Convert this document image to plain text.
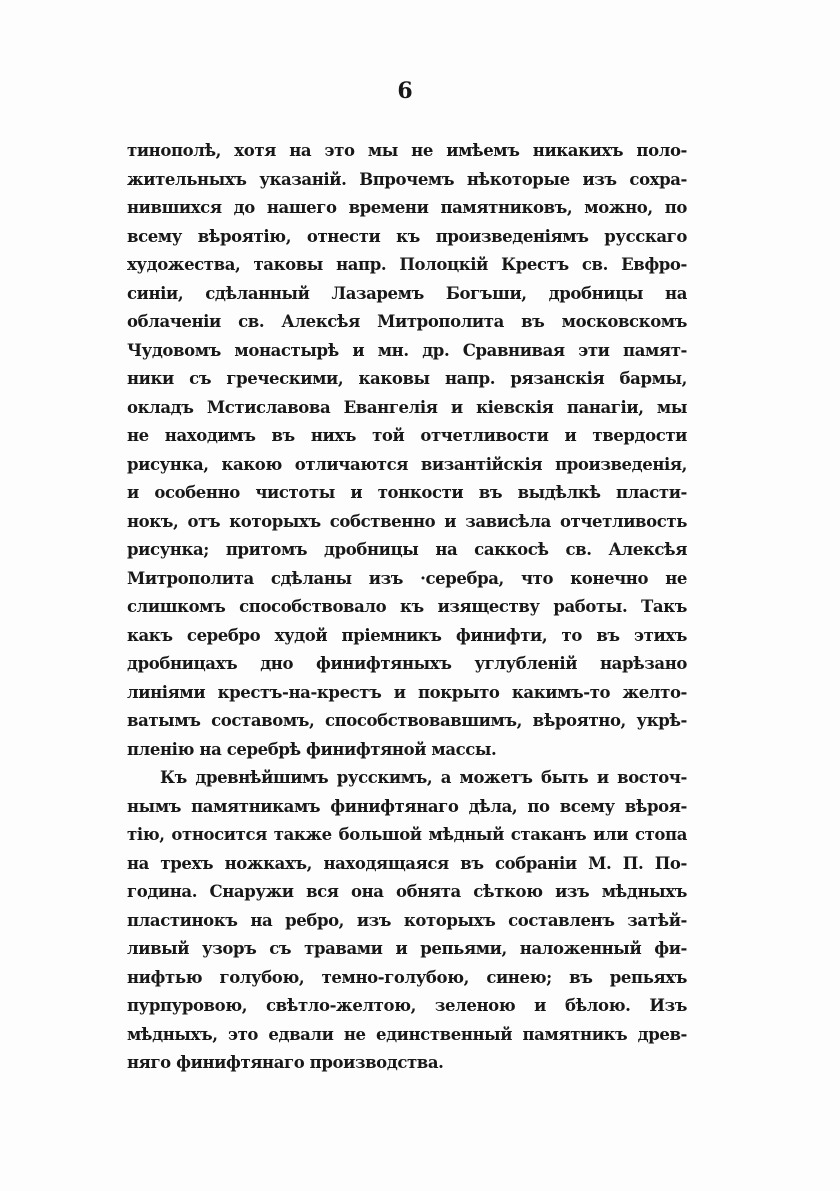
6
тинополѣ, хотя на это мы не имѣемъ никакихъ поло-
жительныхъ указаній. Впрочемъ нѣкоторые изъ сохра-
нившихся до нашего времени памятниковъ, можно, по
всему вѣроятію, отнести къ произведеніямъ русскаго
художества, таковы напр. Полоцкій Крестъ св. Евфро-
синіи, сдѣланный Лазаремъ Богъши, дробницы на
облаченіи св. Алексѣя Митрополита въ московскомъ
Чудовомъ монастырѣ и мн. др. Сравнивая эти памят-
ники съ греческими, каковы напр. рязанскія бармы,
окладъ Мстиславова Евангелія и кіевскія панагіи, мы
не находимъ въ нихъ той отчетливости и твердости
рисунка, какою отличаются византійскія произведенія,
и особенно чистоты и тонкости въ выдѣлкѣ пласти-
нокъ, отъ которыхъ собственно и зависѣла отчетливость
рисунка; притомъ дробницы на саккосѣ св. Алексѣя
Митрополита сдѣланы изъ ·серебра, что конечно не
слишкомъ способствовало къ изяществу работы. Такъ
какъ серебро худой пріемникъ финифти, то въ этихъ
дробницахъ дно финифтяныхъ углубленій нарѣзано
линіями крестъ-на-крестъ и покрыто какимъ-то желто-
ватымъ составомъ, способствовавшимъ, вѣроятно, укрѣ-
пленію на серебрѣ финифтяной массы.
Къ древнѣйшимъ русскимъ, а можетъ быть и восточ-
нымъ памятникамъ финифтянаго дѣла, по всему вѣроя-
тію, относится также большой мѣдный стаканъ или стопа
на трехъ ножкахъ, находящаяся въ собраніи М. П. По-
година. Снаружи вся она обнята сѣткою изъ мѣдныхъ
пластинокъ на ребро, изъ которыхъ составленъ затѣй-
ливый узоръ съ травами и репьями, наложенный фи-
нифтью голубою, темно-голубою, синею; въ репьяхъ
пурпуровою, свѣтло-желтою, зеленою и бѣлою. Изъ
мѣдныхъ, это едвали не единственный памятникъ древ-
няго финифтянаго производства.
